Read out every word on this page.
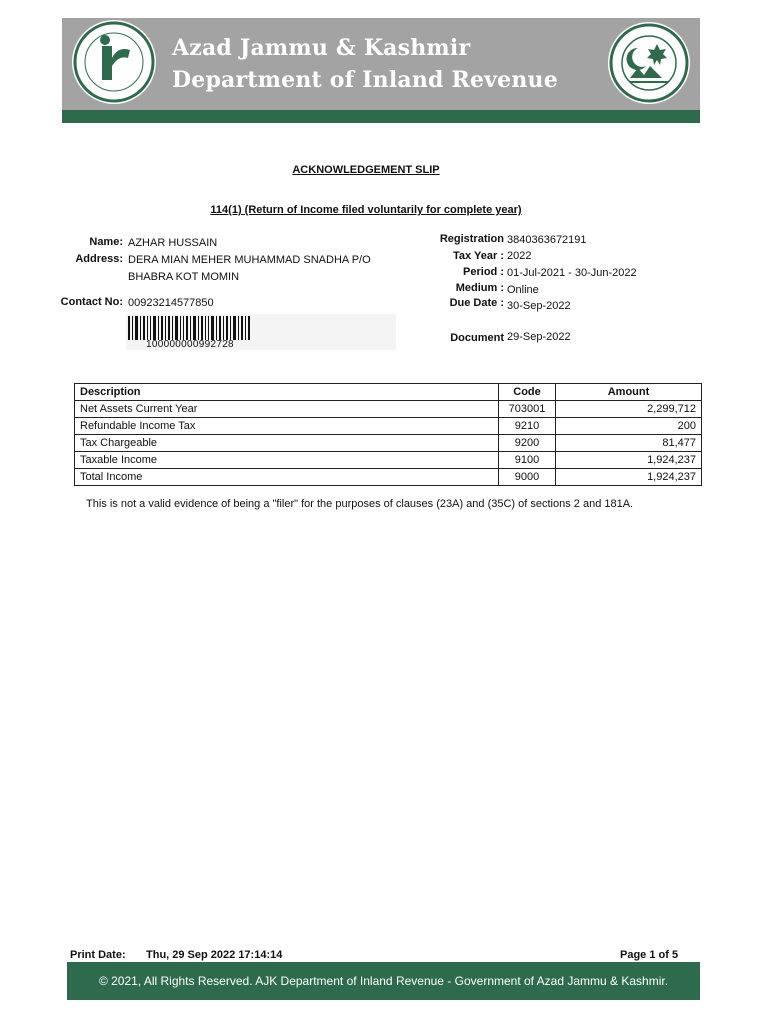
Azad Jammu & Kashmir
Department of Inland Revenue
ACKNOWLEDGEMENT SLIP
114(1) (Return of Income filed voluntarily for complete year)
Name: AZHAR HUSSAIN
Address: DERA MIAN MEHER MUHAMMAD SNADHA P/O
BHABRA KOT MOMIN
Contact No: 00923214577850
100000000992728
Registration 3840363672191
Tax Year : 2022
Period : 01-Jul-2021 - 30-Jun-2022
Medium : Online
Due Date : 30-Sep-2022
Document 29-Sep-2022
Description	Code	Amount
Net Assets Current Year	703001	2,299,712
Refundable Income Tax	9210	200
Tax Chargeable	9200	81,477
Taxable Income	9100	1,924,237
Total Income	9000	1,924,237
This is not a valid evidence of being a "filer" for the purposes of clauses (23A) and (35C) of sections 2 and 181A.
Print Date: Thu, 29 Sep 2022 17:14:14	Page 1 of 5
© 2021, All Rights Reserved. AJK Department of Inland Revenue - Government of Azad Jammu & Kashmir.
